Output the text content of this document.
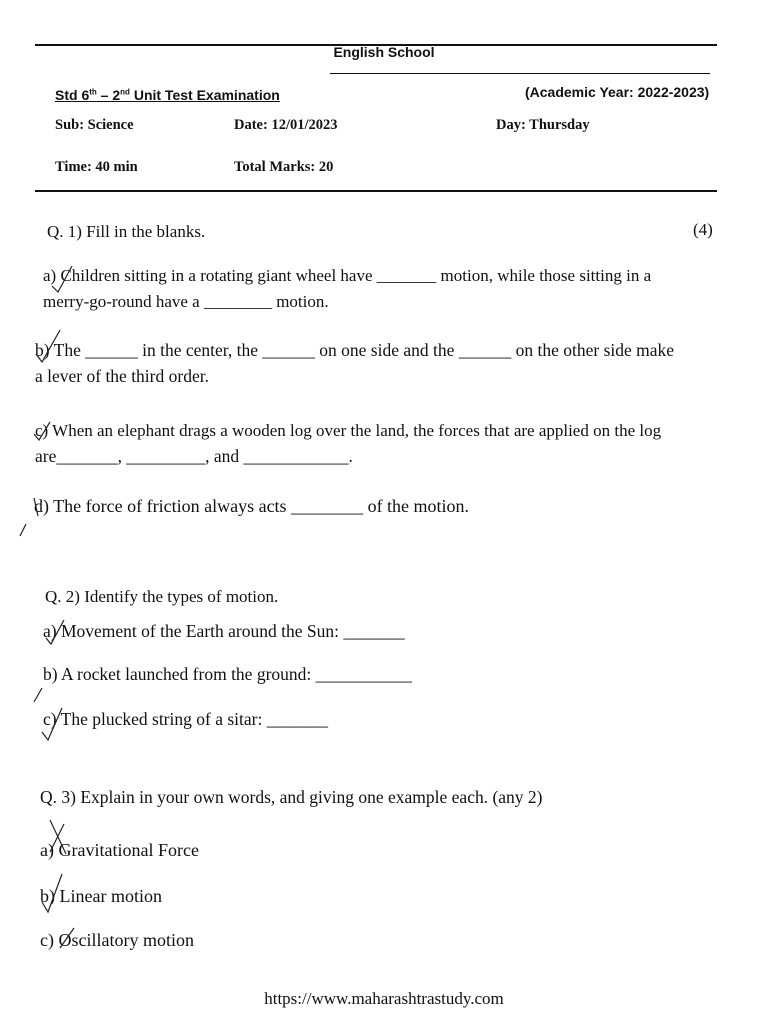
English School
Std 6th – 2nd Unit Test Examination	(Academic Year: 2022-2023)
Sub: Science	Date: 12/01/2023	Day: Thursday
Time: 40 min	Total Marks: 20
Q. 1) Fill in the blanks.	(4)
a) Children sitting in a rotating giant wheel have _______ motion, while those sitting in a
merry-go-round have a ________ motion.
b) The ______ in the center, the ______ on one side and the ______ on the other side make
a lever of the third order.
c) When an elephant drags a wooden log over the land, the forces that are applied on the log
are_______, _________, and ____________.
d) The force of friction always acts ________ of the motion.
Q. 2) Identify the types of motion.
a) Movement of the Earth around the Sun: _______
b) A rocket launched from the ground: ___________
c) The plucked string of a sitar: _______
Q. 3) Explain in your own words, and giving one example each. (any 2)
a) Gravitational Force
b) Linear motion
c) Oscillatory motion
https://www.maharashtrastudy.com
